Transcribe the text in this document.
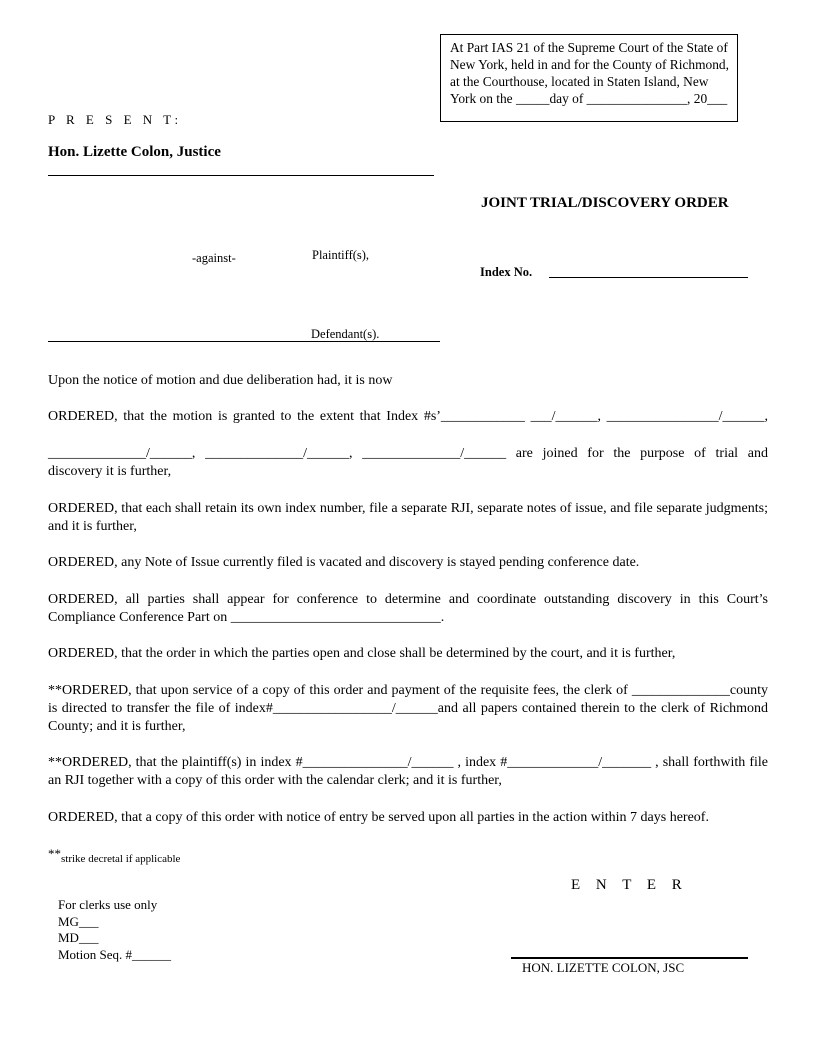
At Part IAS 21 of the Supreme Court of the State of
New York, held in and for the County of Richmond,
at the Courthouse, located in Staten Island, New
York on the _____day of _______________, 20___
P R E S E N T:
Hon. Lizette Colon, Justice
JOINT TRIAL/DISCOVERY ORDER
Plaintiff(s),
-against-
Index No.
Defendant(s).
Upon the notice of motion and due deliberation had, it is now
ORDERED, that the motion is granted to the extent that Index #s’____________ ___/______, ________________/______,
______________/______, ______________/______, ______________/______ are joined for the purpose of trial and
discovery it is further,
ORDERED, that each shall retain its own index number, file a separate RJI, separate notes of issue, and file separate judgments; and it is further,
ORDERED, any Note of Issue currently filed is vacated and discovery is stayed pending conference date.
ORDERED, all parties shall appear for conference to determine and coordinate outstanding discovery in this Court’s Compliance Conference Part on ______________________________.
ORDERED, that the order in which the parties open and close shall be determined by the court, and it is further,
**ORDERED, that upon service of a copy of this order and payment of the requisite fees, the clerk of ______________county is directed to transfer the file of index#_________________/______and all papers contained therein to the clerk of Richmond County; and it is further,
**ORDERED, that the plaintiff(s) in index #_______________/______ , index #_____________/_______ , shall forthwith file an RJI together with a copy of this order with the calendar clerk; and it is further,
ORDERED, that a copy of this order with notice of entry be served upon all parties in the action within 7 days hereof.
**strike decretal if applicable
E N T E R
For clerks use only
MG___
MD___
Motion Seq. #______
HON. LIZETTE COLON, JSC
